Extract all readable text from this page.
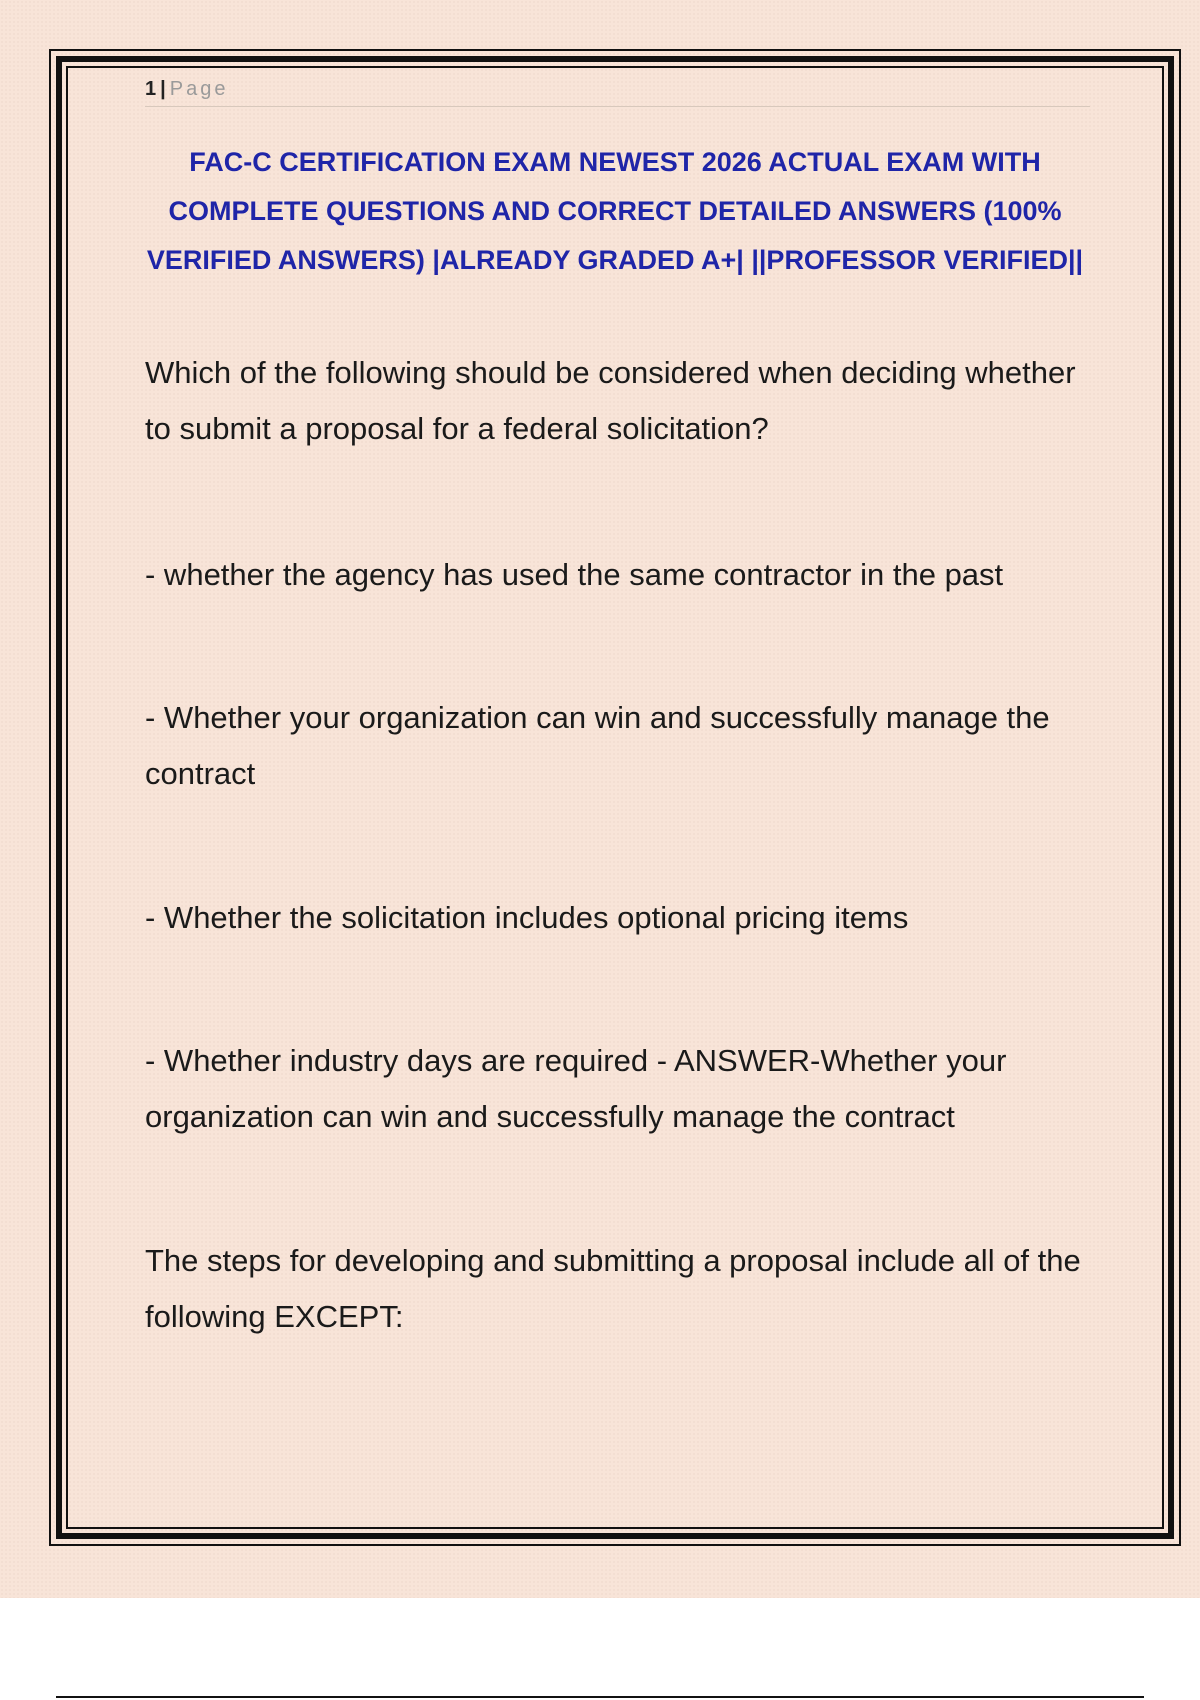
1 | Page
FAC-C CERTIFICATION EXAM NEWEST 2026 ACTUAL EXAM WITH COMPLETE QUESTIONS AND CORRECT DETAILED ANSWERS (100% VERIFIED ANSWERS) |ALREADY GRADED A+| ||PROFESSOR VERIFIED||

Which of the following should be considered when deciding whether to submit a proposal for a federal solicitation?

- whether the agency has used the same contractor in the past

- Whether your organization can win and successfully manage the contract

- Whether the solicitation includes optional pricing items

- Whether industry days are required - ANSWER-Whether your organization can win and successfully manage the contract

The steps for developing and submitting a proposal include all of the following EXCEPT:
